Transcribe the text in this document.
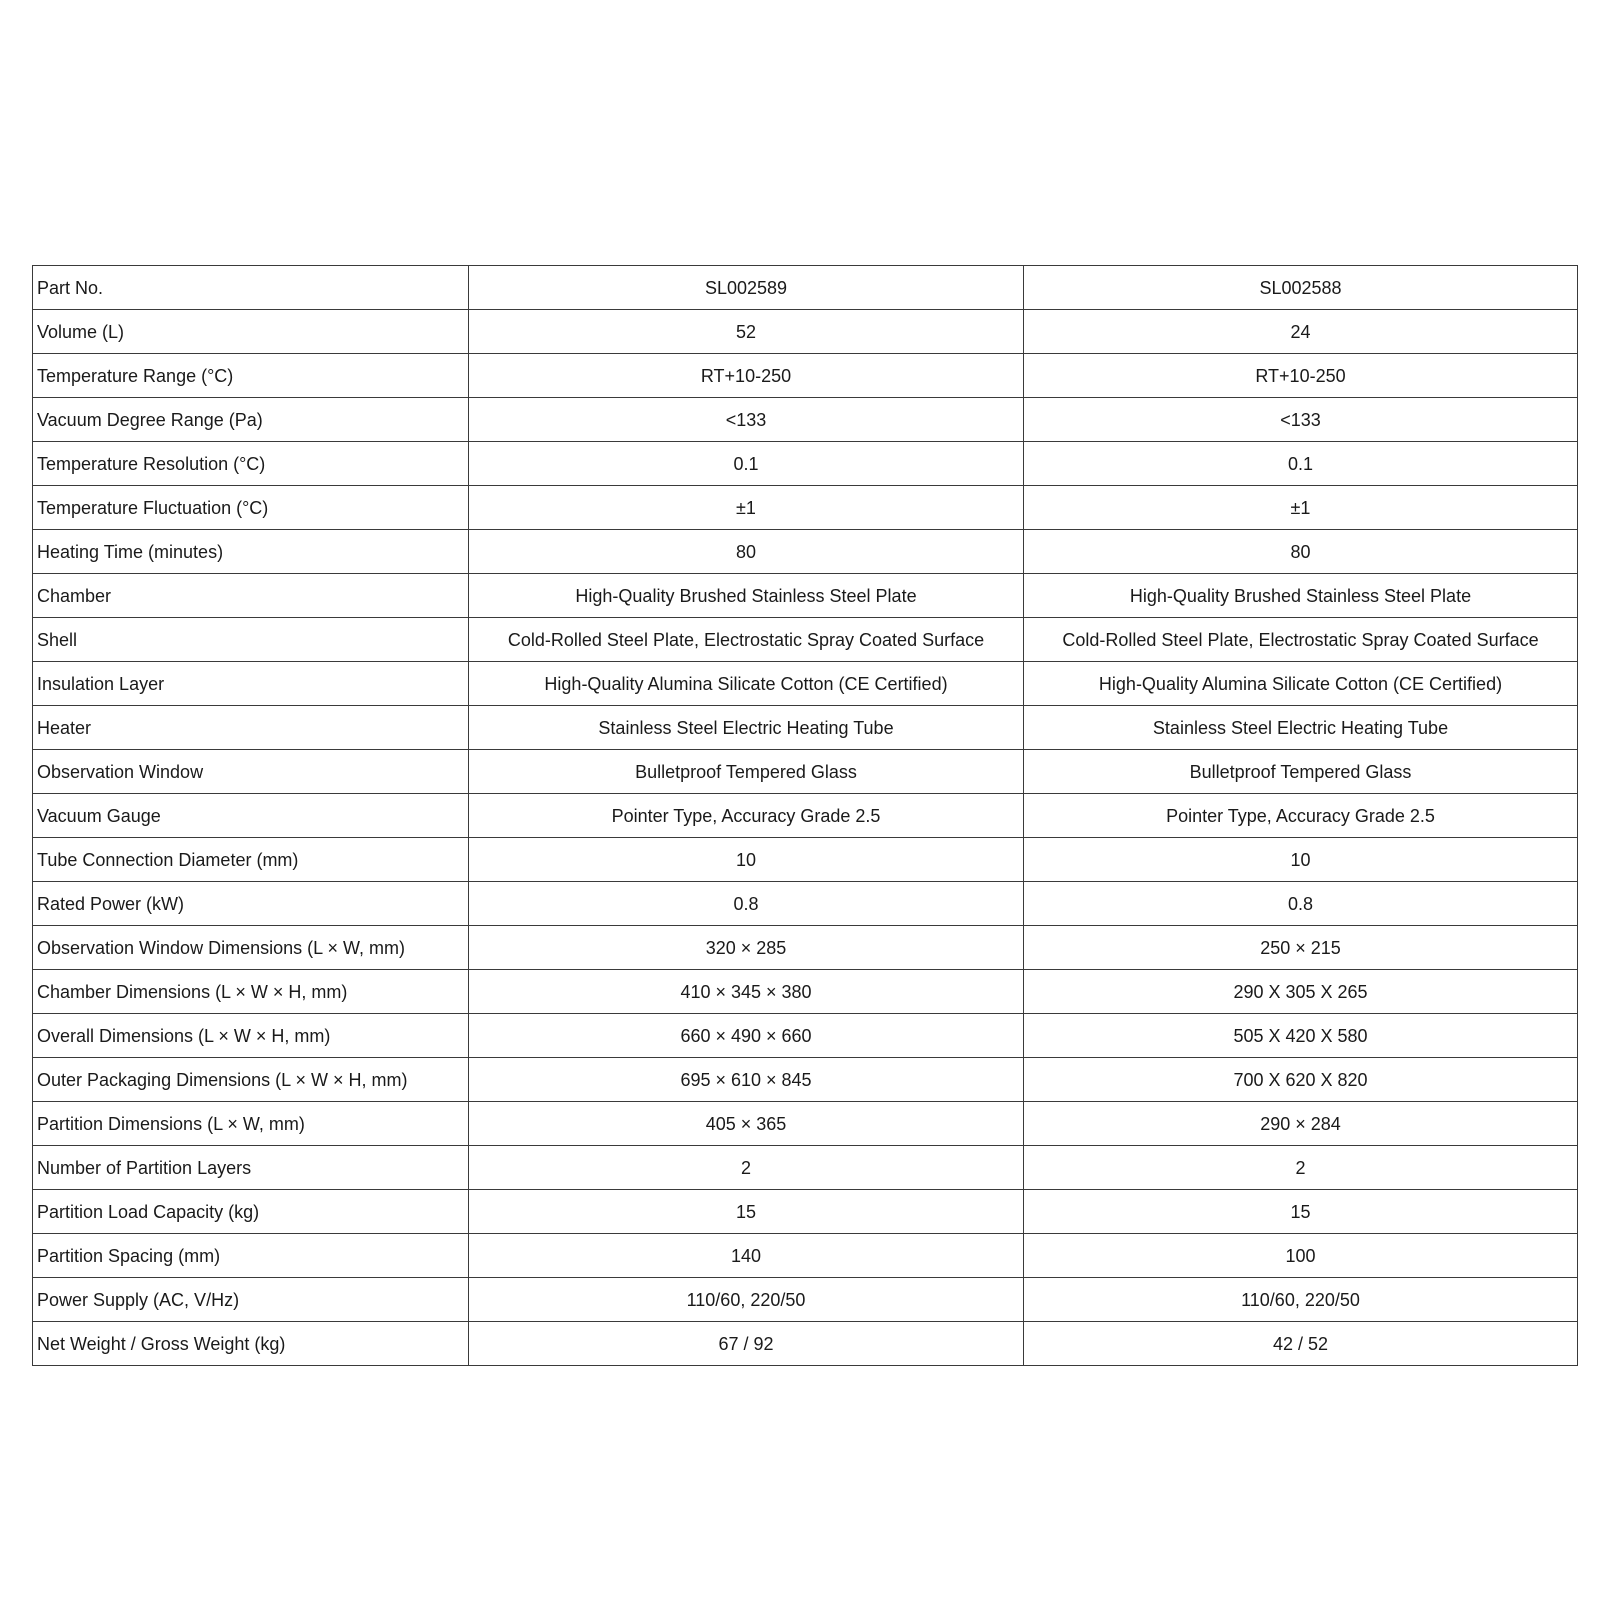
Part No.	SL002589	SL002588
Volume (L)	52	24
Temperature Range (°C)	RT+10-250	RT+10-250
Vacuum Degree Range (Pa)	<133	<133
Temperature Resolution (°C)	0.1	0.1
Temperature Fluctuation (°C)	±1	±1
Heating Time (minutes)	80	80
Chamber	High-Quality Brushed Stainless Steel Plate	High-Quality Brushed Stainless Steel Plate
Shell	Cold-Rolled Steel Plate, Electrostatic Spray Coated Surface	Cold-Rolled Steel Plate, Electrostatic Spray Coated Surface
Insulation Layer	High-Quality Alumina Silicate Cotton (CE Certified)	High-Quality Alumina Silicate Cotton (CE Certified)
Heater	Stainless Steel Electric Heating Tube	Stainless Steel Electric Heating Tube
Observation Window	Bulletproof Tempered Glass	Bulletproof Tempered Glass
Vacuum Gauge	Pointer Type, Accuracy Grade 2.5	Pointer Type, Accuracy Grade 2.5
Tube Connection Diameter (mm)	10	10
Rated Power (kW)	0.8	0.8
Observation Window Dimensions (L × W, mm)	320 × 285	250 × 215
Chamber Dimensions (L × W × H, mm)	410 × 345 × 380	290 X 305 X 265
Overall Dimensions (L × W × H, mm)	660 × 490 × 660	505 X 420 X 580
Outer Packaging Dimensions (L × W × H, mm)	695 × 610 × 845	700 X 620 X 820
Partition Dimensions (L × W, mm)	405 × 365	290 × 284
Number of Partition Layers	2	2
Partition Load Capacity (kg)	15	15
Partition Spacing (mm)	140	100
Power Supply (AC, V/Hz)	110/60, 220/50	110/60, 220/50
Net Weight / Gross Weight (kg)	67 / 92	42 / 52
